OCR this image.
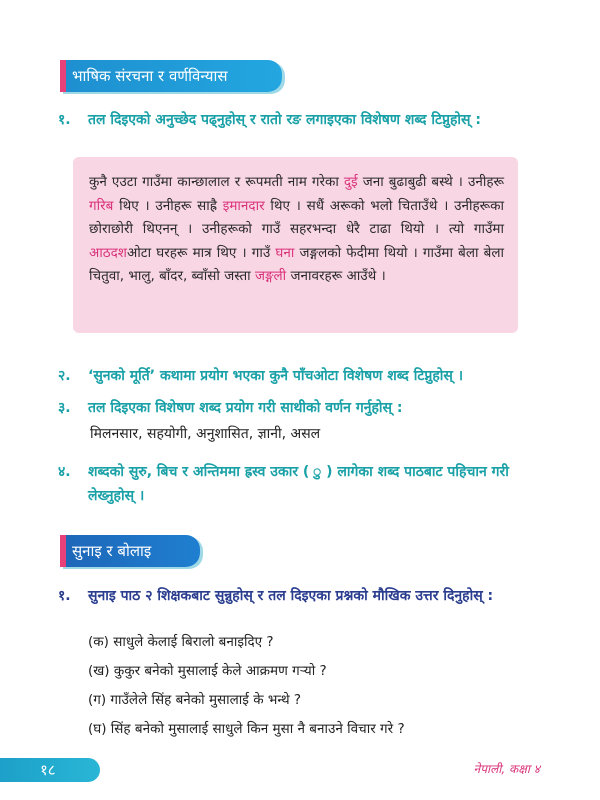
भाषिक संरचना र वर्णविन्यास
१.	तल दिइएको अनुच्छेद पढ्नुहोस् र रातो रङ लगाइएका विशेषण शब्द टिप्नुहोस् :
कुनै एउटा गाउँमा कान्छालाल र रूपमती नाम गरेका दुई जना बुढाबुढी बस्थे । उनीहरू गरिब थिए । उनीहरू साह्रै इमानदार थिए । सधैं अरूको भलो चिताउँथे । उनीहरूका छोराछोरी थिएनन् । उनीहरूको गाउँ सहरभन्दा धेरै टाढा थियो । त्यो गाउँमा आठदशओटा घरहरू मात्र थिए । गाउँ घना जङ्गलको फेदीमा थियो । गाउँमा बेला बेला चितुवा, भालु, बाँदर, ब्वाँसो जस्ता जङ्गली जनावरहरू आउँथे ।
२.	‘सुनको मूर्ति’ कथामा प्रयोग भएका कुनै पाँचओटा विशेषण शब्द टिप्नुहोस् ।
३.	तल दिइएका विशेषण शब्द प्रयोग गरी साथीको वर्णन गर्नुहोस् :
मिलनसार, सहयोगी, अनुशासित, ज्ञानी, असल
४.	शब्दको सुरु, बिच र अन्तिममा ह्रस्व उकार ( ु ) लागेका शब्द पाठबाट पहिचान गरी लेख्नुहोस् ।
सुनाइ र बोलाइ
१.	सुनाइ पाठ २ शिक्षकबाट सुन्नुहोस् र तल दिइएका प्रश्नको मौखिक उत्तर दिनुहोस् :
(क) साधुले केलाई बिरालो बनाइदिए ?
(ख) कुकुर बनेको मुसालाई केले आक्रमण गऱ्यो ?
(ग) गाउँलेले सिंह बनेको मुसालाई के भन्थे ?
(घ) सिंह बनेको मुसालाई साधुले किन मुसा नै बनाउने विचार गरे ?
१८	नेपाली, कक्षा ४
